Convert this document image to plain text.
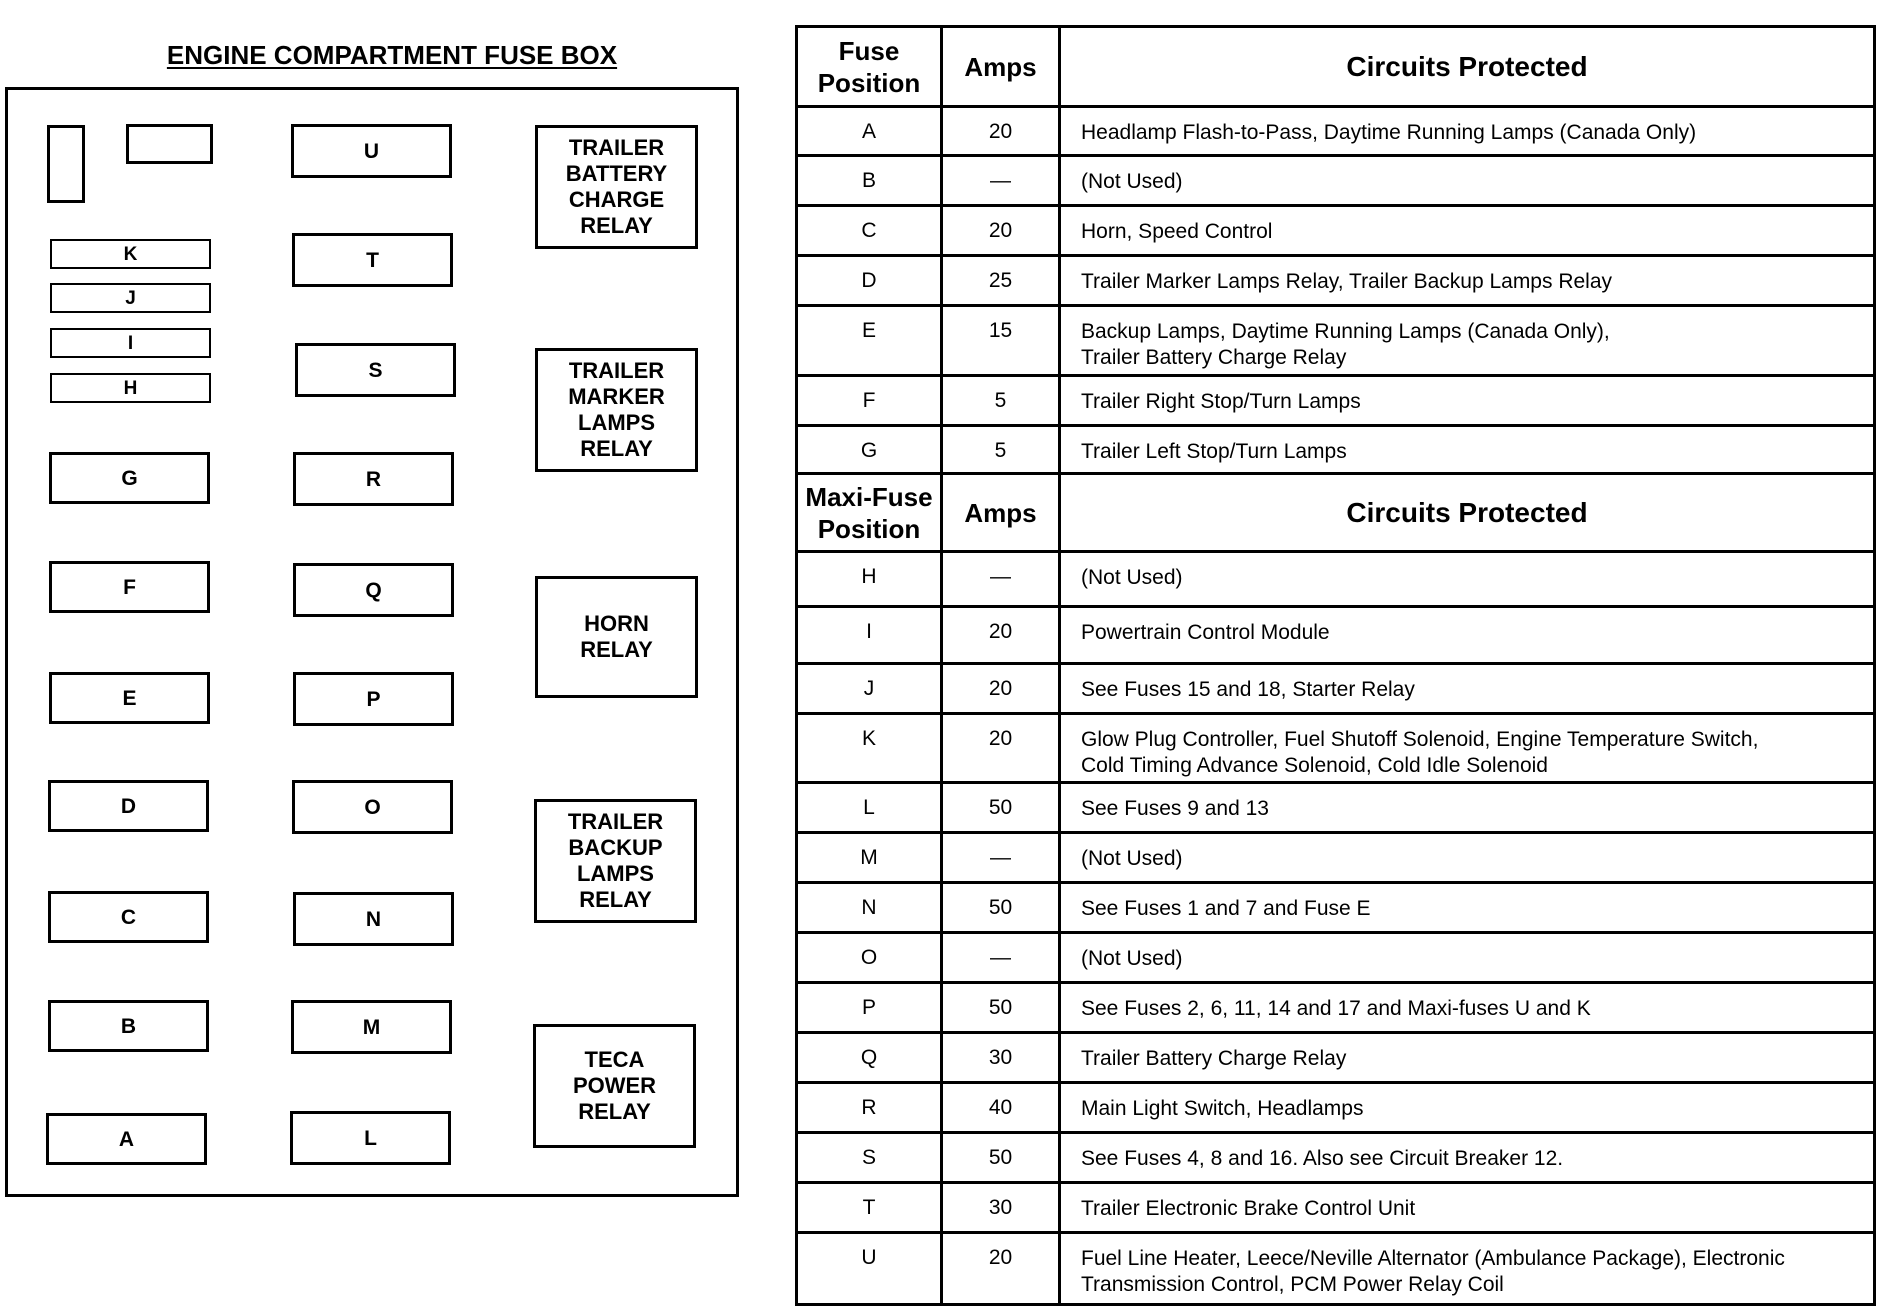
ENGINE COMPARTMENT FUSE BOX
K
J
I
H
G
F
E
D
C
B
A
U
T
S
R
Q
P
O
N
M
L
TRAILER
BATTERY
CHARGE
RELAY
TRAILER
MARKER
LAMPS
RELAY
HORN
RELAY
TRAILER
BACKUP
LAMPS
RELAY
TECA
POWER
RELAY
Fuse
Position	Amps	Circuits Protected
A	20	Headlamp Flash-to-Pass, Daytime Running Lamps (Canada Only)
B	—	(Not Used)
C	20	Horn, Speed Control
D	25	Trailer Marker Lamps Relay, Trailer Backup Lamps Relay
E	15	Backup Lamps, Daytime Running Lamps (Canada Only),
Trailer Battery Charge Relay
F	5	Trailer Right Stop/Turn Lamps
G	5	Trailer Left Stop/Turn Lamps
Maxi-Fuse
Position	Amps	Circuits Protected
H	—	(Not Used)
I	20	Powertrain Control Module
J	20	See Fuses 15 and 18, Starter Relay
K	20	Glow Plug Controller, Fuel Shutoff Solenoid, Engine Temperature Switch,
Cold Timing Advance Solenoid, Cold Idle Solenoid
L	50	See Fuses 9 and 13
M	—	(Not Used)
N	50	See Fuses 1 and 7 and Fuse E
O	—	(Not Used)
P	50	See Fuses 2, 6, 11, 14 and 17 and Maxi-fuses U and K
Q	30	Trailer Battery Charge Relay
R	40	Main Light Switch, Headlamps
S	50	See Fuses 4, 8 and 16. Also see Circuit Breaker 12.
T	30	Trailer Electronic Brake Control Unit
U	20	Fuel Line Heater, Leece/Neville Alternator (Ambulance Package), Electronic
Transmission Control, PCM Power Relay Coil
